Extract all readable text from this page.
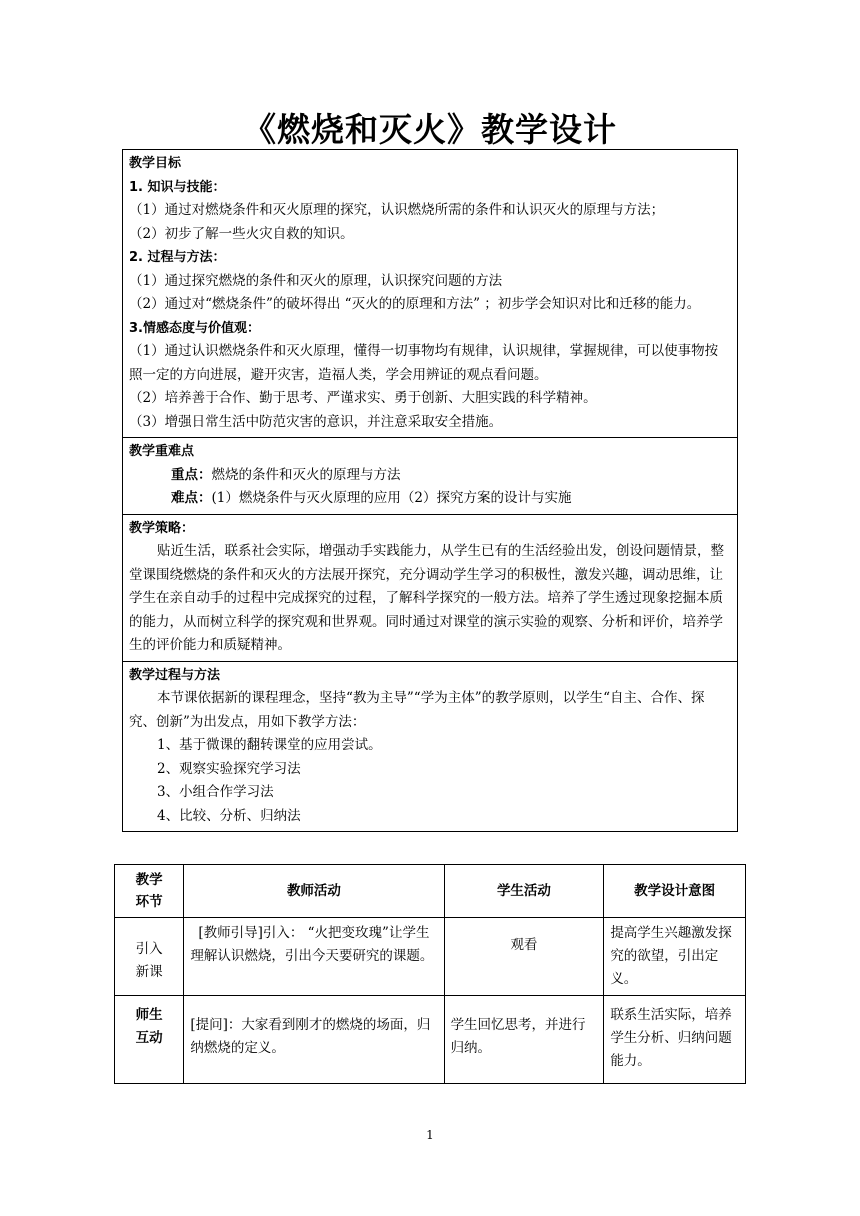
《燃烧和灭火》教学设计
教学目标
1. 知识与技能：
（1）通过对燃烧条件和灭火原理的探究，认识燃烧所需的条件和认识灭火的原理与方法；
（2）初步了解一些火灾自救的知识。
2. 过程与方法：
（1）通过探究燃烧的条件和灭火的原理，认识探究问题的方法
（2）通过对“燃烧条件”的破坏得出 “灭火的的原理和方法” ；初步学会知识对比和迁移的能力。
3.情感态度与价值观：
（1）通过认识燃烧条件和灭火原理，懂得一切事物均有规律，认识规律，掌握规律，可以使事物按照一定的方向进展，避开灾害，造福人类，学会用辨证的观点看问题。
（2）培养善于合作、勤于思考、严谨求实、勇于创新、大胆实践的科学精神。
（3）增强日常生活中防范灾害的意识，并注意采取安全措施。

教学重难点
重点：燃烧的条件和灭火的原理与方法
难点：(1）燃烧条件与灭火原理的应用（2）探究方案的设计与实施

教学策略：
贴近生活，联系社会实际，增强动手实践能力，从学生已有的生活经验出发，创设问题情景，整堂课围绕燃烧的条件和灭火的方法展开探究，充分调动学生学习的积极性，激发兴趣，调动思维，让学生在亲自动手的过程中完成探究的过程，了解科学探究的一般方法。培养了学生透过现象挖掘本质的能力，从而树立科学的探究观和世界观。同时通过对课堂的演示实验的观察、分析和评价，培养学生的评价能力和质疑精神。

教学过程与方法
本节课依据新的课程理念，坚持“教为主导”“学为主体”的教学原则，以学生“自主、合作、探究、创新”为出发点，用如下教学方法：
1、基于微课的翻转课堂的应用尝试。
2、观察实验探究学习法
3、小组合作学习法
4、比较、分析、归纳法
教学
环节	教师活动	学生活动	教学设计意图

引入
新课	[教师引导]引入： “火把变玫瑰”让学生理解认识燃烧，引出今天要研究的课题。	观看	提高学生兴趣激发探究的欲望，引出定义。

师生
互动	[提问]：大家看到刚才的燃烧的场面，归纳燃烧的定义。	学生回忆思考，并进行归纳。	联系生活实际，培养学生分析、归纳问题能力。
1
